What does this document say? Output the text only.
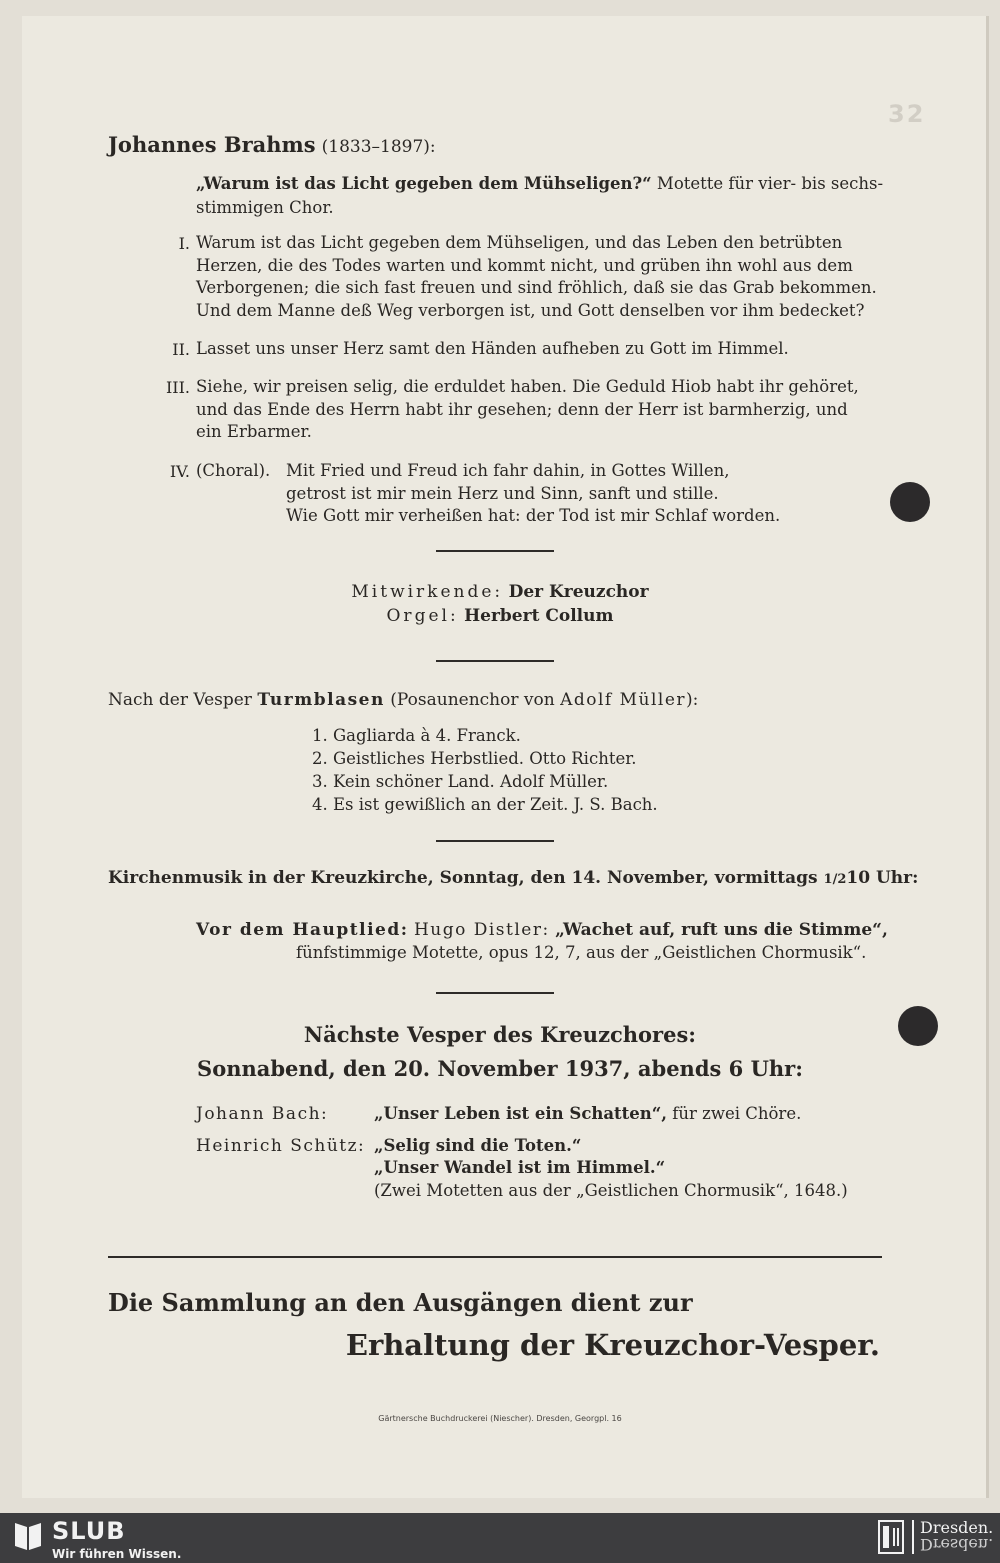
32
Johannes Brahms (1833–1897):
„Warum ist das Licht gegeben dem Mühseligen?“ Motette für vier- bis sechs-
stimmigen Chor.
I. Warum ist das Licht gegeben dem Mühseligen, und das Leben den betrübten
Herzen, die des Todes warten und kommt nicht, und grüben ihn wohl aus dem
Verborgenen; die sich fast freuen und sind fröhlich, daß sie das Grab bekommen.
Und dem Manne deß Weg verborgen ist, und Gott denselben vor ihm bedecket?
II. Lasset uns unser Herz samt den Händen aufheben zu Gott im Himmel.
III. Siehe, wir preisen selig, die erduldet haben. Die Geduld Hiob habt ihr gehöret,
und das Ende des Herrn habt ihr gesehen; denn der Herr ist barmherzig, und
ein Erbarmer.
IV. (Choral). Mit Fried und Freud ich fahr dahin, in Gottes Willen,
getrost ist mir mein Herz und Sinn, sanft und stille.
Wie Gott mir verheißen hat: der Tod ist mir Schlaf worden.
Mitwirkende: Der Kreuzchor
Orgel: Herbert Collum
Nach der Vesper Turmblasen (Posaunenchor von Adolf Müller):
1. Gagliarda à 4. Franck.
2. Geistliches Herbstlied. Otto Richter.
3. Kein schöner Land. Adolf Müller.
4. Es ist gewißlich an der Zeit. J. S. Bach.
Kirchenmusik in der Kreuzkirche, Sonntag, den 14. November, vormittags 1/210 Uhr:
Vor dem Hauptlied: Hugo Distler: „Wachet auf, ruft uns die Stimme“,
fünfstimmige Motette, opus 12, 7, aus der „Geistlichen Chormusik“.
Nächste Vesper des Kreuzchores:
Sonnabend, den 20. November 1937, abends 6 Uhr:
Johann Bach:	„Unser Leben ist ein Schatten“, für zwei Chöre.
Heinrich Schütz: „Selig sind die Toten.“
„Unser Wandel ist im Himmel.“
(Zwei Motetten aus der „Geistlichen Chormusik“, 1648.)
Die Sammlung an den Ausgängen dient zur
Erhaltung der Kreuzchor-Vesper.
Gärtnersche Buchdruckerei (Niescher). Dresden, Georgpl. 16
SLUB
Wir führen Wissen.
Dresden.
Dresden.
